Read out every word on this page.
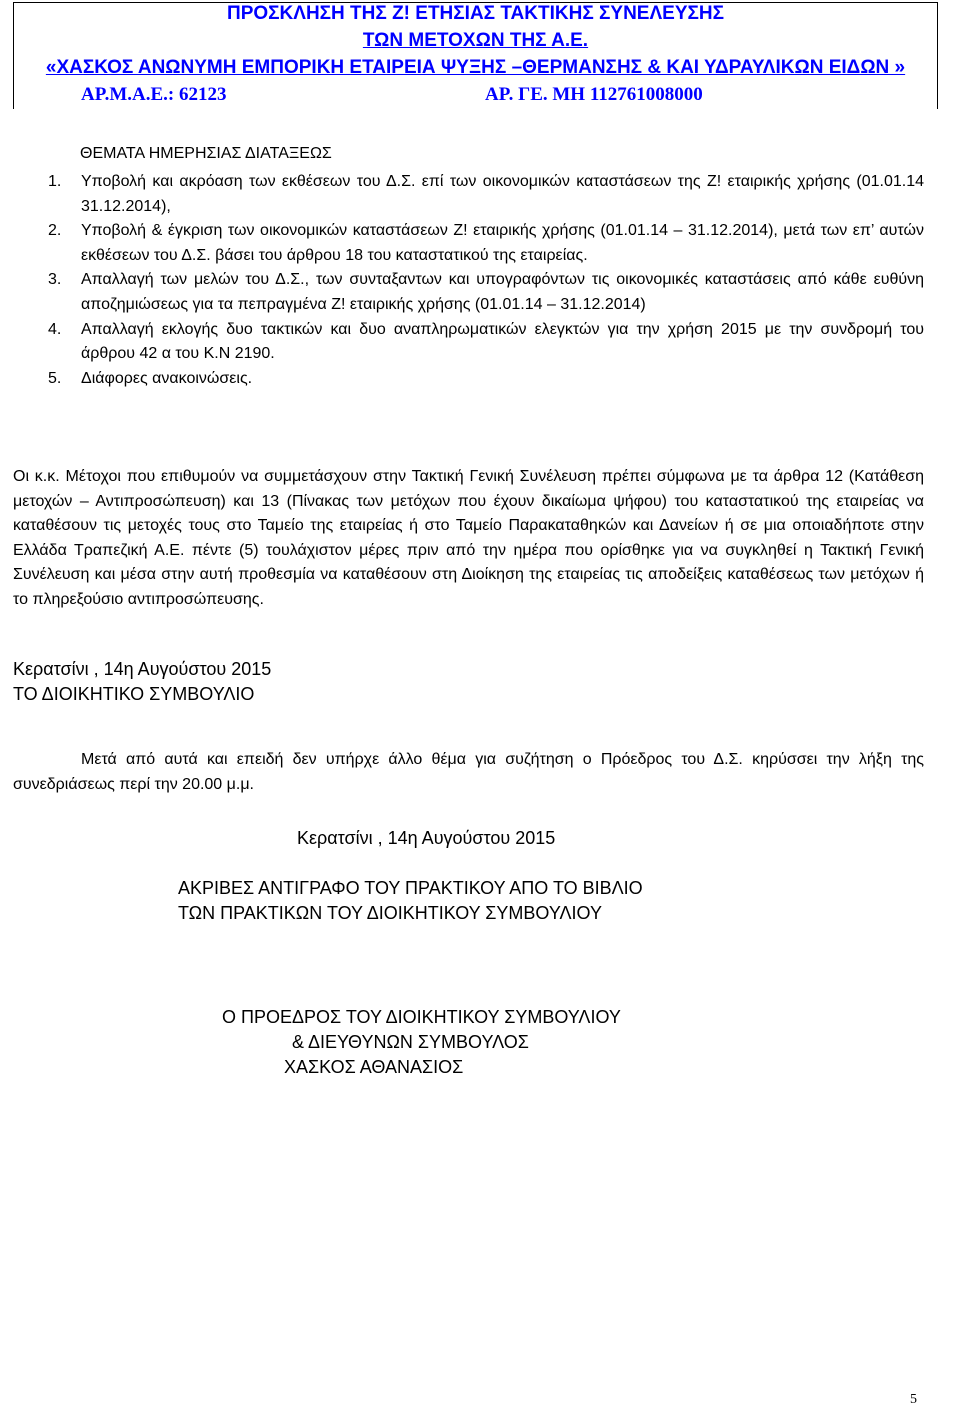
ΠΡΟΣΚΛΗΣΗ ΤΗΣ Ζ! ΕΤΗΣΙΑΣ ΤΑΚΤΙΚΗΣ ΣΥΝΕΛΕΥΣΗΣ
ΤΩΝ ΜΕΤΟΧΩΝ ΤΗΣ Α.Ε.
«ΧΑΣΚΟΣ ΑΝΩΝΥΜΗ ΕΜΠΟΡΙΚΗ ΕΤΑΙΡΕΙΑ ΨΥΞΗΣ –ΘΕΡΜΑΝΣΗΣ & ΚΑΙ ΥΔΡΑΥΛΙΚΩΝ ΕΙΔΩΝ »
ΑΡ.Μ.Α.Ε.: 62123	ΑΡ. ΓΕ. ΜΗ 112761008000
ΘΕΜΑΤΑ ΗΜΕΡΗΣΙΑΣ ΔΙΑΤΑΞΕΩΣ
1. Υποβολή και ακρόαση των εκθέσεων του Δ.Σ. επί των οικονομικών καταστάσεων της Ζ! εταιρικής χρήσης (01.01.14 31.12.2014),
2. Υποβολή & έγκριση των οικονομικών καταστάσεων Ζ! εταιρικής χρήσης (01.01.14 – 31.12.2014), μετά των επ’ αυτών εκθέσεων του Δ.Σ. βάσει του άρθρου 18 του καταστατικού της εταιρείας.
3. Απαλλαγή των μελών του Δ.Σ., των συνταξαντων και υπογραφόντων τις οικονομικές καταστάσεις από κάθε ευθύνη αποζημιώσεως για τα πεπραγμένα Ζ! εταιρικής χρήσης (01.01.14 – 31.12.2014)
4. Απαλλαγή εκλογής δυο τακτικών και δυο αναπληρωματικών ελεγκτών για την χρήση 2015 με την συνδρομή του άρθρου 42 α του Κ.Ν 2190.
5. Διάφορες ανακοινώσεις.
Οι κ.κ. Μέτοχοι που επιθυμούν να συμμετάσχουν στην Τακτική Γενική Συνέλευση πρέπει σύμφωνα με τα άρθρα 12 (Κατάθεση μετοχών – Αντιπροσώπευση) και 13 (Πίνακας των μετόχων που έχουν δικαίωμα ψήφου) του καταστατικού της εταιρείας να καταθέσουν τις μετοχές τους στο Ταμείο της εταιρείας ή στο Ταμείο Παρακαταθηκών και Δανείων ή σε μια οποιαδήποτε στην Ελλάδα Τραπεζική Α.Ε. πέντε (5) τουλάχιστον μέρες πριν από την ημέρα που ορίσθηκε για να συγκληθεί η Τακτική Γενική Συνέλευση και μέσα στην αυτή προθεσμία να καταθέσουν στη Διοίκηση της εταιρείας τις αποδείξεις καταθέσεως των μετόχων ή το πληρεξούσιο αντιπροσώπευσης.
Κερατσίνι , 14η Αυγούστου 2015
ΤΟ ΔΙΟΙΚΗΤΙΚΟ ΣΥΜΒΟΥΛΙΟ
Μετά από αυτά και επειδή δεν υπήρχε άλλο θέμα για συζήτηση ο Πρόεδρος του Δ.Σ. κηρύσσει την λήξη της συνεδριάσεως περί την 20.00 μ.μ.
Κερατσίνι , 14η Αυγούστου 2015
ΑΚΡΙΒΕΣ ΑΝΤΙΓΡΑΦΟ ΤΟΥ ΠΡΑΚΤΙΚΟΥ ΑΠΟ ΤΟ ΒΙΒΛΙΟ
ΤΩΝ ΠΡΑΚΤΙΚΩΝ ΤΟΥ ΔΙΟΙΚΗΤΙΚΟΥ ΣΥΜΒΟΥΛΙΟΥ
Ο ΠΡΟΕΔΡΟΣ ΤΟΥ ΔΙΟΙΚΗΤΙΚΟΥ ΣΥΜΒΟΥΛΙΟΥ
& ΔΙΕΥΘΥΝΩΝ ΣΥΜΒΟΥΛΟΣ
ΧΑΣΚΟΣ ΑΘΑΝΑΣΙΟΣ
5
